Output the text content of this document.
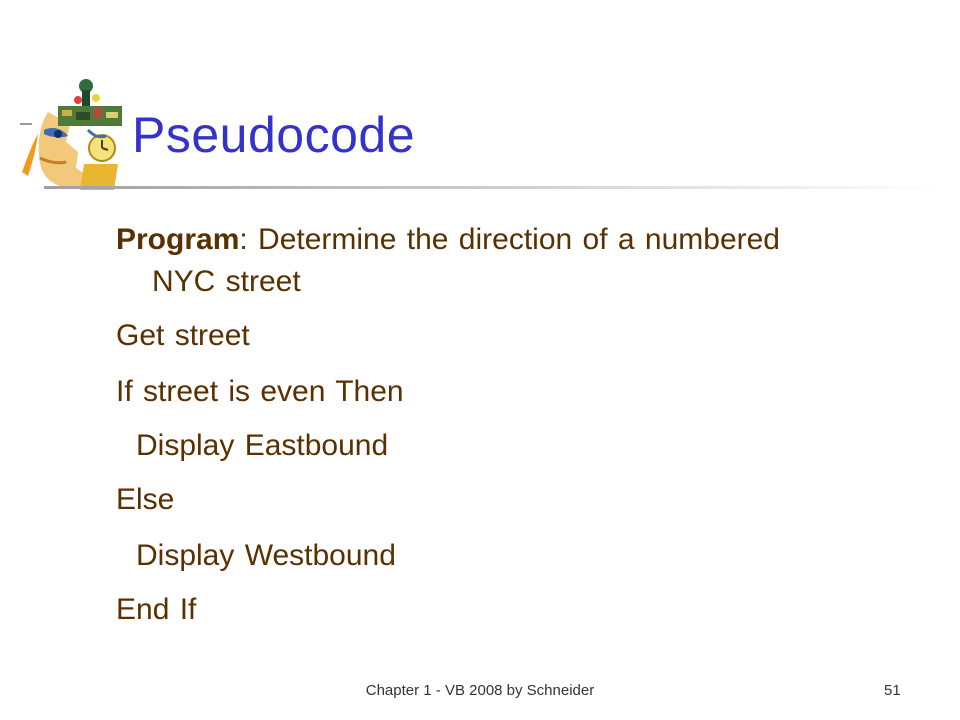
Pseudocode
Program: Determine the direction of a numbered
NYC street
Get street
If street is even Then
Display Eastbound
Else
Display Westbound
End If
Chapter 1 - VB 2008 by Schneider	51
